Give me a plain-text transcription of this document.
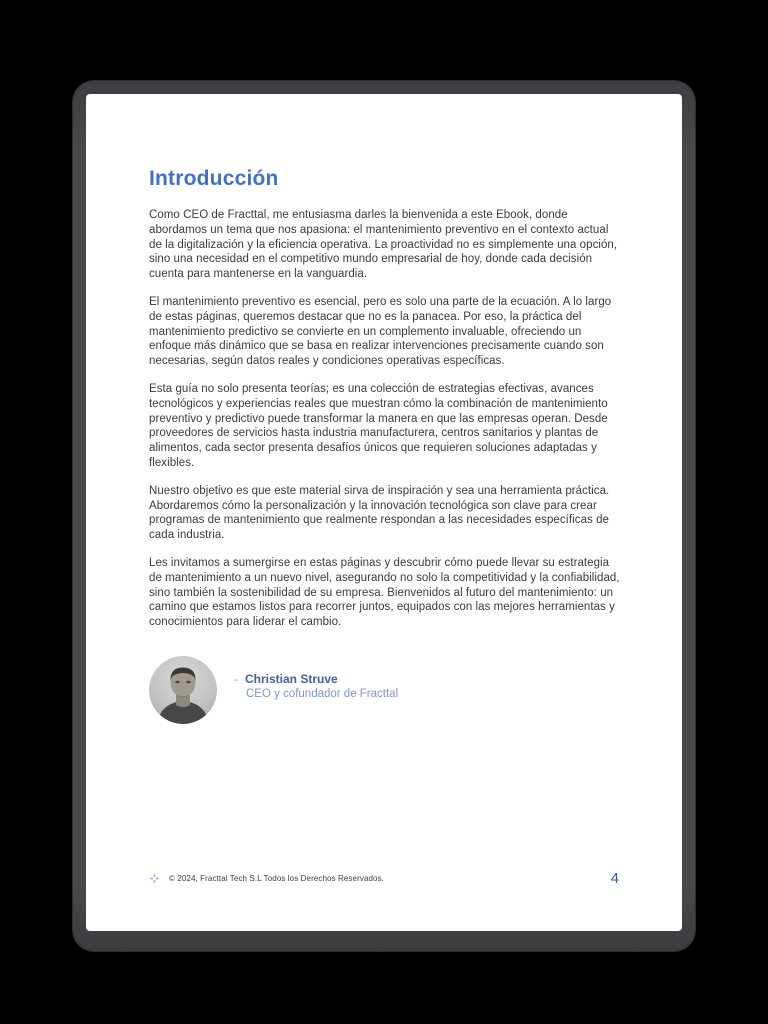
Introducción

Como CEO de Fracttal, me entusiasma darles la bienvenida a este Ebook, donde abordamos un tema que nos apasiona: el mantenimiento preventivo en el contexto actual de la digitalización y la eficiencia operativa. La proactividad no es simplemente una opción, sino una necesidad en el competitivo mundo empresarial de hoy, donde cada decisión cuenta para mantenerse en la vanguardia.

El mantenimiento preventivo es esencial, pero es solo una parte de la ecuación. A lo largo de estas páginas, queremos destacar que no es la panacea. Por eso, la práctica del mantenimiento predictivo se convierte en un complemento invaluable, ofreciendo un enfoque más dinámico que se basa en realizar intervenciones precisamente cuando son necesarias, según datos reales y condiciones operativas específicas.

Esta guía no solo presenta teorías; es una colección de estrategias efectivas, avances tecnológicos y experiencias reales que muestran cómo la combinación de mantenimiento preventivo y predictivo puede transformar la manera en que las empresas operan. Desde proveedores de servicios hasta industria manufacturera, centros sanitarios y plantas de alimentos, cada sector presenta desafíos únicos que requieren soluciones adaptadas y flexibles.

Nuestro objetivo es que este material sirva de inspiración y sea una herramienta práctica. Abordaremos cómo la personalización y la innovación tecnológica son clave para crear programas de mantenimiento que realmente respondan a las necesidades específicas de cada industria.

Les invitamos a sumergirse en estas páginas y descubrir cómo puede llevar su estrategia de mantenimiento a un nuevo nivel, asegurando no solo la competitividad y la confiabilidad, sino también la sostenibilidad de su empresa. Bienvenidos al futuro del mantenimiento: un camino que estamos listos para recorrer juntos, equipados con las mejores herramientas y conocimientos para liderar el cambio.

- Christian Struve
CEO y cofundador de Fracttal
© 2024, Fracttal Tech S.L Todos los Derechos Reservados.	4
